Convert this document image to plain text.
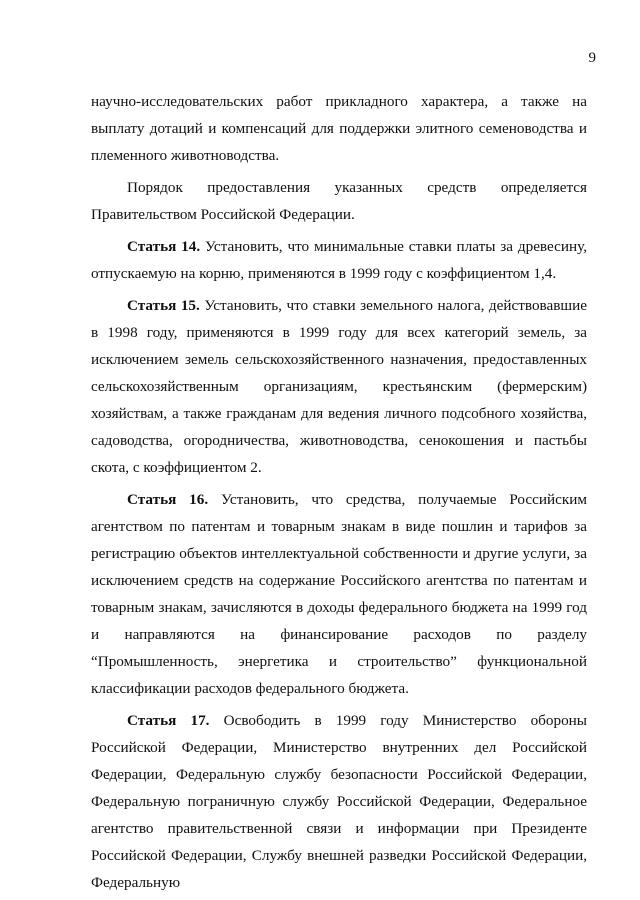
9

научно-исследовательских работ прикладного характера, а также на выплату дотаций и компенсаций для поддержки элитного семеноводства и племенного животноводства.

Порядок предоставления указанных средств определяется Правительством Российской Федерации.

Статья 14. Установить, что минимальные ставки платы за древесину, отпускаемую на корню, применяются в 1999 году с коэффициентом 1,4.

Статья 15. Установить, что ставки земельного налога, действовавшие в 1998 году, применяются в 1999 году для всех категорий земель, за исключением земель сельскохозяйственного назначения, предоставленных сельскохозяйственным организациям, крестьянским (фермерским) хозяйствам, а также гражданам для ведения личного подсобного хозяйства, садоводства, огородничества, животноводства, сенокошения и пастьбы скота, с коэффициентом 2.

Статья 16. Установить, что средства, получаемые Российским агентством по патентам и товарным знакам в виде пошлин и тарифов за регистрацию объектов интеллектуальной собственности и другие услуги, за исключением средств на содержание Российского агентства по патентам и товарным знакам, зачисляются в доходы федерального бюджета на 1999 год и направляются на финансирование расходов по разделу “Промышленность, энергетика и строительство” функциональной классификации расходов федерального бюджета.

Статья 17. Освободить в 1999 году Министерство обороны Российской Федерации, Министерство внутренних дел Российской Федерации, Федеральную службу безопасности Российской Федерации, Федеральную пограничную службу Российской Федерации, Федеральное агентство правительственной связи и информации при Президенте Российской Федерации, Службу внешней разведки Российской Федерации, Федеральную
